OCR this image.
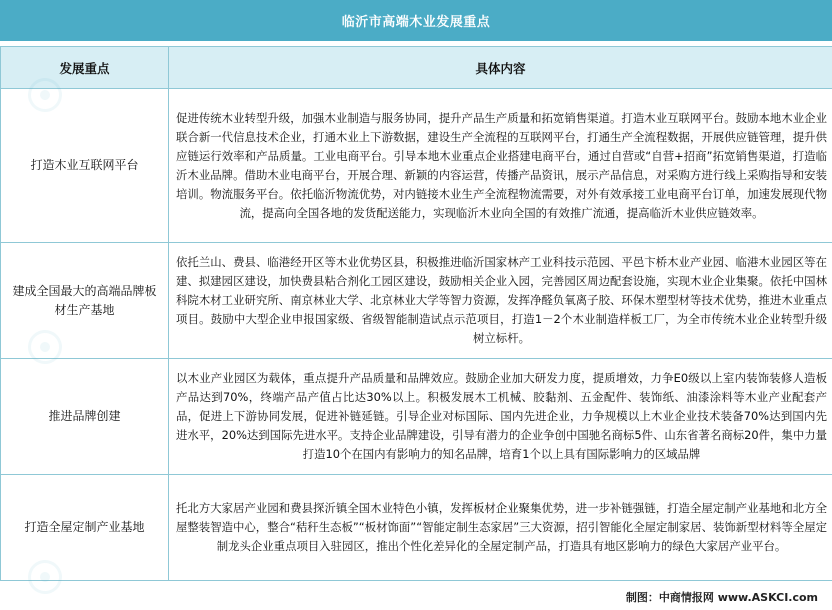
临沂市高端木业发展重点
发展重点	具体内容
打造木业互联网平台	促进传统木业转型升级，加强木业制造与服务协同，提升产品生产质量和拓宽销售渠道。打造木业互联网平台。鼓励本地木业企业联合新一代信息技术企业，打通木业上下游数据，建设生产全流程的互联网平台，打通生产全流程数据，开展供应链管理，提升供应链运行效率和产品质量。工业电商平台。引导本地木业重点企业搭建电商平台，通过自营或“自营+招商”拓宽销售渠道，打造临沂木业品牌。借助木业电商平台，开展合理、新颖的内容运营，传播产品资讯，展示产品信息，对采购方进行线上采购指导和安装培训。物流服务平台。依托临沂物流优势，对内链接木业生产全流程物流需要，对外有效承接工业电商平台订单，加速发展现代物流，提高向全国各地的发货配送能力，实现临沂木业向全国的有效推广流通，提高临沂木业供应链效率。
建成全国最大的高端品牌板材生产基地	依托兰山、费县、临港经开区等木业优势区县，积极推进临沂国家林产工业科技示范园、平邑卞桥木业产业园、临港木业园区等在建、拟建园区建设，加快费县粘合剂化工园区建设，鼓励相关企业入园，完善园区周边配套设施，实现木业企业集聚。依托中国林科院木材工业研究所、南京林业大学、北京林业大学等智力资源，发挥净醛负氧离子胶、环保木塑型材等技术优势，推进木业重点项目。鼓励中大型企业申报国家级、省级智能制造试点示范项目，打造1－2个木业制造样板工厂，为全市传统木业企业转型升级树立标杆。
推进品牌创建	以木业产业园区为载体，重点提升产品质量和品牌效应。鼓励企业加大研发力度，提质增效，力争E0级以上室内装饰装修人造板产品达到70%，终端产品产值占比达30%以上。积极发展木工机械、胶黏剂、五金配件、装饰纸、油漆涂料等木业产业配套产品，促进上下游协同发展，促进补链延链。引导企业对标国际、国内先进企业，力争规模以上木业企业技术装备70%达到国内先进水平，20%达到国际先进水平。支持企业品牌建设，引导有潜力的企业争创中国驰名商标5件、山东省著名商标20件，集中力量打造10个在国内有影响力的知名品牌，培育1个以上具有国际影响力的区域品牌
打造全屋定制产业基地	托北方大家居产业园和费县探沂镇全国木业特色小镇，发挥板材企业聚集优势，进一步补链强链，打造全屋定制产业基地和北方全屋整装智造中心，整合“秸秆生态板”“板材饰面”“智能定制生态家居”三大资源，招引智能化全屋定制家居、装饰新型材料等全屋定制龙头企业重点项目入驻园区，推出个性化差异化的全屋定制产品，打造具有地区影响力的绿色大家居产业平台。
制图：中商情报网 www.ASKCI.com
